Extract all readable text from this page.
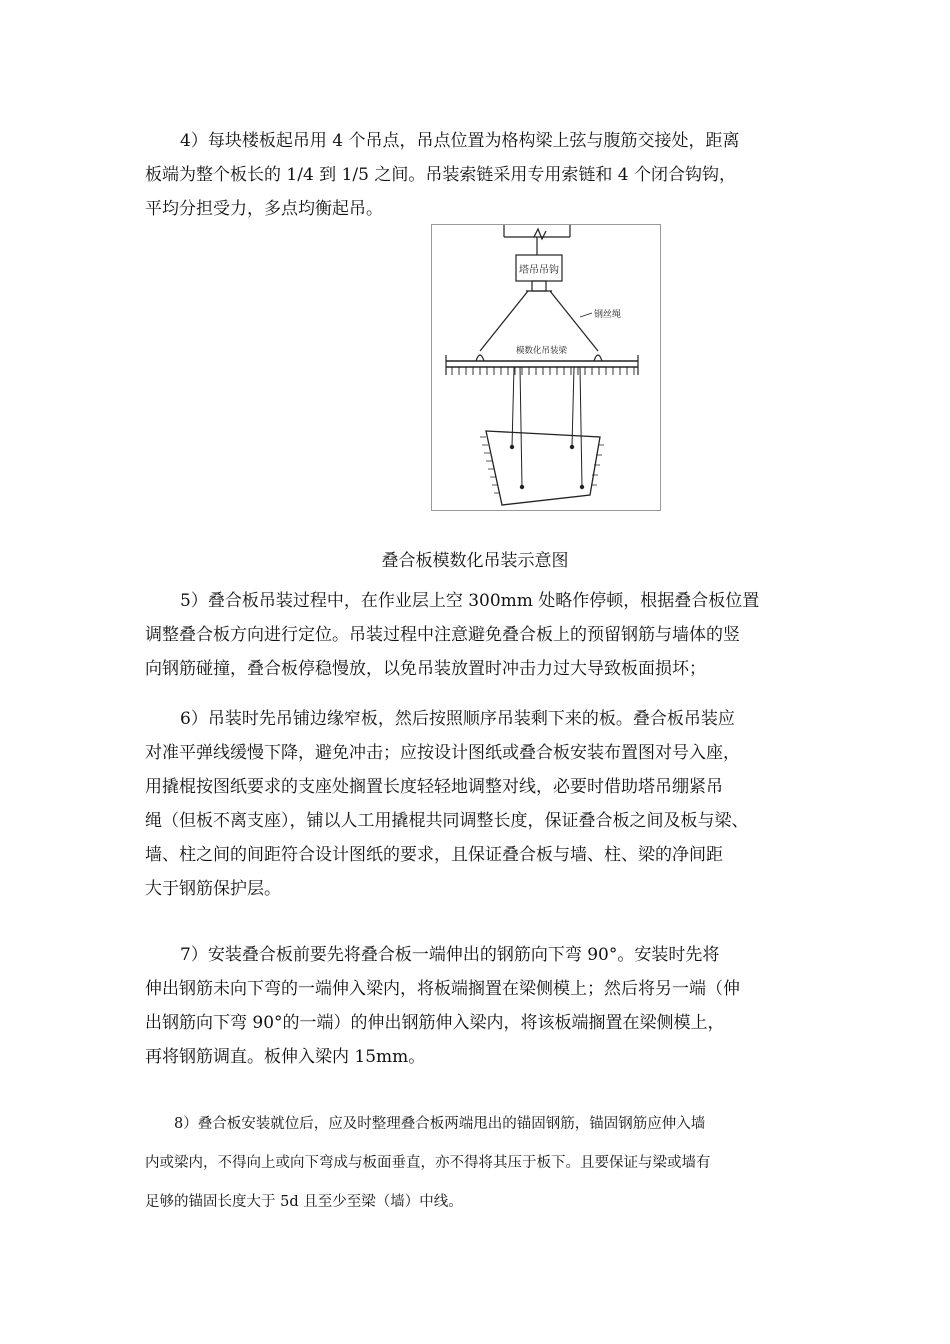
4）每块楼板起吊用 4 个吊点，吊点位置为格构梁上弦与腹筋交接处，距离
板端为整个板长的 1/4 到 1/5 之间。吊装索链采用专用索链和 4 个闭合钩钩，
平均分担受力，多点均衡起吊。
塔吊吊钩
钢丝绳
模数化吊装梁

叠合板模数化吊装示意图

5）叠合板吊装过程中，在作业层上空 300mm 处略作停顿，根据叠合板位置
调整叠合板方向进行定位。吊装过程中注意避免叠合板上的预留钢筋与墙体的竖
向钢筋碰撞，叠合板停稳慢放，以免吊装放置时冲击力过大导致板面损坏；
6）吊装时先吊铺边缘窄板，然后按照顺序吊装剩下来的板。叠合板吊装应
对准平弹线缓慢下降，避免冲击；应按设计图纸或叠合板安装布置图对号入座，
用撬棍按图纸要求的支座处搁置长度轻轻地调整对线，必要时借助塔吊绷紧吊
绳（但板不离支座），铺以人工用撬棍共同调整长度，保证叠合板之间及板与梁、
墙、柱之间的间距符合设计图纸的要求，且保证叠合板与墙、柱、梁的净间距
大于钢筋保护层。
7）安装叠合板前要先将叠合板一端伸出的钢筋向下弯 90°。安装时先将
伸出钢筋未向下弯的一端伸入梁内，将板端搁置在梁侧模上；然后将另一端（伸
出钢筋向下弯 90°的一端）的伸出钢筋伸入梁内，将该板端搁置在梁侧模上，
再将钢筋调直。板伸入梁内 15mm。
8）叠合板安装就位后，应及时整理叠合板两端甩出的锚固钢筋，锚固钢筋应伸入墙
内或梁内，不得向上或向下弯成与板面垂直，亦不得将其压于板下。且要保证与梁或墙有
足够的锚固长度大于 5d 且至少至梁（墙）中线。
